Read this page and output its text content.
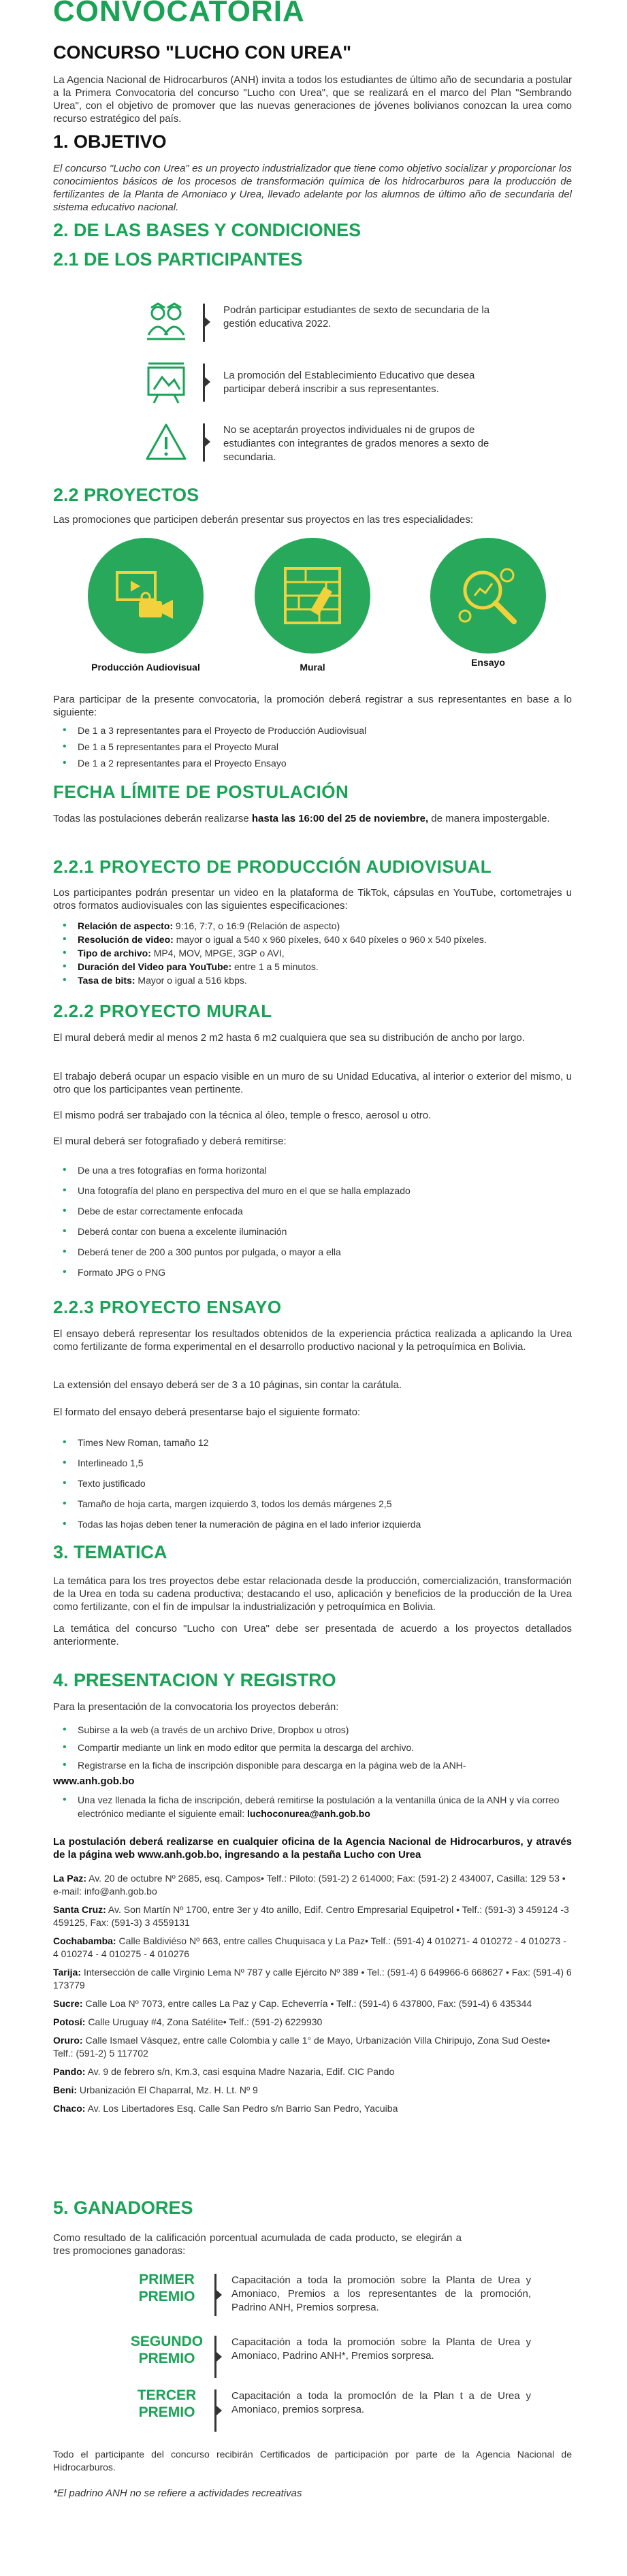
CONVOCATORIA
CONCURSO "LUCHO CON UREA"

La Agencia Nacional de Hidrocarburos (ANH) invita a todos los estudiantes de último año de secundaria a postular a la Primera Convocatoria del concurso "Lucho con Urea", que se realizará en el marco del Plan "Sembrando Urea", con el objetivo de promover que las nuevas generaciones de jóvenes bolivianos conozcan la urea como recurso estratégico del país.

1. OBJETIVO

El concurso "Lucho con Urea" es un proyecto industrializador que tiene como objetivo socializar y proporcionar los conocimientos básicos de los procesos de transformación química de los hidrocarburos para la producción de fertilizantes de la Planta de Amoniaco y Urea, llevado adelante por los alumnos de último año de secundaria del sistema educativo nacional.

2. DE LAS BASES Y CONDICIONES
2.1 DE LOS PARTICIPANTES
Podrán participar estudiantes de sexto de secundaria de la gestión educativa 2022.
La promoción del Establecimiento Educativo que desea participar deberá inscribir a sus representantes.
No se aceptarán proyectos individuales ni de grupos de estudiantes con integrantes de grados menores a sexto de secundaria.
2.2 PROYECTOS

Las promociones que participen deberán presentar sus proyectos en las tres especialidades:

Producción Audiovisual	Mural	Ensayo

Para participar de la presente convocatoria, la promoción deberá registrar a sus representantes en base a lo siguiente:

• De 1 a 3 representantes para el Proyecto de Producción Audiovisual
• De 1 a 5 representantes para el Proyecto Mural
• De 1 a 2 representantes para el Proyecto Ensayo
FECHA LÍMITE DE POSTULACIÓN

Todas las postulaciones deberán realizarse hasta las 16:00 del 25 de noviembre, de manera impostergable.

2.2.1 PROYECTO DE PRODUCCIÓN AUDIOVISUAL

Los participantes podrán presentar un video en la plataforma de TikTok, cápsulas en YouTube, cortometrajes u otros formatos audiovisuales con las siguientes especificaciones:

• Relación de aspecto: 9:16, 7:7, o 16:9 (Relación de aspecto)
• Resolución de video: mayor o igual a 540 x 960 píxeles, 640 x 640 píxeles o 960 x 540 píxeles.
• Tipo de archivo: MP4, MOV, MPGE, 3GP o AVI,
• Duración del Video para YouTube: entre 1 a 5 minutos.
• Tasa de bits: Mayor o igual a 516 kbps.
2.2.2 PROYECTO MURAL

El mural deberá medir al menos 2 m2 hasta 6 m2 cualquiera que sea su distribución de ancho por largo.

El trabajo deberá ocupar un espacio visible en un muro de su Unidad Educativa, al interior o exterior del mismo, u otro que los participantes vean pertinente.

El mismo podrá ser trabajado con la técnica al óleo, temple o fresco, aerosol u otro.

El mural deberá ser fotografiado y deberá remitirse:

• De una a tres fotografías en forma horizontal
• Una fotografía del plano en perspectiva del muro en el que se halla emplazado
• Debe de estar correctamente enfocada
• Deberá contar con buena a excelente iluminación
• Deberá tener de 200 a 300 puntos por pulgada, o mayor a ella
• Formato JPG o PNG
2.2.3 PROYECTO ENSAYO

El ensayo deberá representar los resultados obtenidos de la experiencia práctica realizada a aplicando la Urea como fertilizante de forma experimental en el desarrollo productivo nacional y la petroquímica en Bolivia.

La extensión del ensayo deberá ser de 3 a 10 páginas, sin contar la carátula.

El formato del ensayo deberá presentarse bajo el siguiente formato:

• Times New Roman, tamaño 12
• Interlineado 1,5
• Texto justificado
• Tamaño de hoja carta, margen izquierdo 3, todos los demás márgenes 2,5
• Todas las hojas deben tener la numeración de página en el lado inferior izquierda
3. TEMATICA

La temática para los tres proyectos debe estar relacionada desde la producción, comercialización, transformación de la Urea en toda su cadena productiva; destacando el uso, aplicación y beneficios de la producción de la Urea como fertilizante, con el fin de impulsar la industrialización y petroquímica en Bolivia.

La temática del concurso "Lucho con Urea" debe ser presentada de acuerdo a los proyectos detallados anteriormente.

4. PRESENTACION Y REGISTRO

Para la presentación de la convocatoria los proyectos deberán:

• Subirse a la web (a través de un archivo Drive, Dropbox u otros)
• Compartir mediante un link en modo editor que permita la descarga del archivo.
• Registrarse en la ficha de inscripción disponible para descarga en la página web de la ANH-
www.anh.gob.bo
• Una vez llenada la ficha de inscripción, deberá remitirse la postulación a la ventanilla única de la ANH y vía correo electrónico mediante el siguiente email: luchoconurea@anh.gob.bo

La postulación deberá realizarse en cualquier oficina de la Agencia Nacional de Hidrocarburos, y através de la página web www.anh.gob.bo, ingresando a la pestaña Lucho con Urea

La Paz: Av. 20 de octubre Nº 2685, esq. Campos• Telf.: Piloto: (591-2) 2 614000; Fax: (591-2) 2 434007, Casilla: 129 53 • e-mail: info@anh.gob.bo

Santa Cruz: Av. Son Martín Nº 1700, entre 3er y 4to anillo, Edif. Centro Empresarial Equipetrol • Telf.: (591-3) 3 459124 -3 459125, Fax: (591-3) 3 4559131

Cochabamba: Calle Baldiviéso Nº 663, entre calles Chuquisaca y La Paz• Telf.: (591-4) 4 010271- 4 010272 - 4 010273 - 4 010274 - 4 010275 - 4 010276

Tarija: Intersección de calle Virginio Lema Nº 787 y calle Ejército Nº 389 • Tel.: (591-4) 6 649966-6 668627 • Fax: (591-4) 6 173779

Sucre: Calle Loa Nº 7073, entre calles La Paz y Cap. Echeverría • Telf.: (591-4) 6 437800, Fax: (591-4) 6 435344

Potosí: Calle Uruguay #4, Zona Satélite• Telf.: (591-2) 6229930

Oruro: Calle Ismael Vásquez, entre calle Colombia y calle 1° de Mayo, Urbanización Villa Chiripujo, Zona Sud Oeste• Telf.: (591-2) 5 117702

Pando: Av. 9 de febrero s/n, Km.3, casi esquina Madre Nazaria, Edif. CIC Pando

Beni: Urbanización El Chaparral, Mz. H. Lt. Nº 9

Chaco: Av. Los Libertadores Esq. Calle San Pedro s/n Barrio San Pedro, Yacuiba

5. GANADORES

Como resultado de la calificación porcentual acumulada de cada producto, se elegirán a tres promociones ganadoras:

PRIMER
PREMIO
Capacitación a toda la promoción sobre la Planta de Urea y Amoniaco, Premios a los representantes de la promoción, Padrino ANH, Premios sorpresa.
SEGUNDO
PREMIO
Capacitación a toda la promoción sobre la Planta de Urea y Amoniaco, Padrino ANH*, Premios sorpresa.
TERCER
PREMIO
Capacitación a toda la promocIón de la Plan t a de Urea y Amoniaco, premios sorpresa.

Todo el participante del concurso recibirán Certificados de participación por parte de la Agencia Nacional de Hidrocarburos.

*El padrino ANH no se refiere a actividades recreativas
